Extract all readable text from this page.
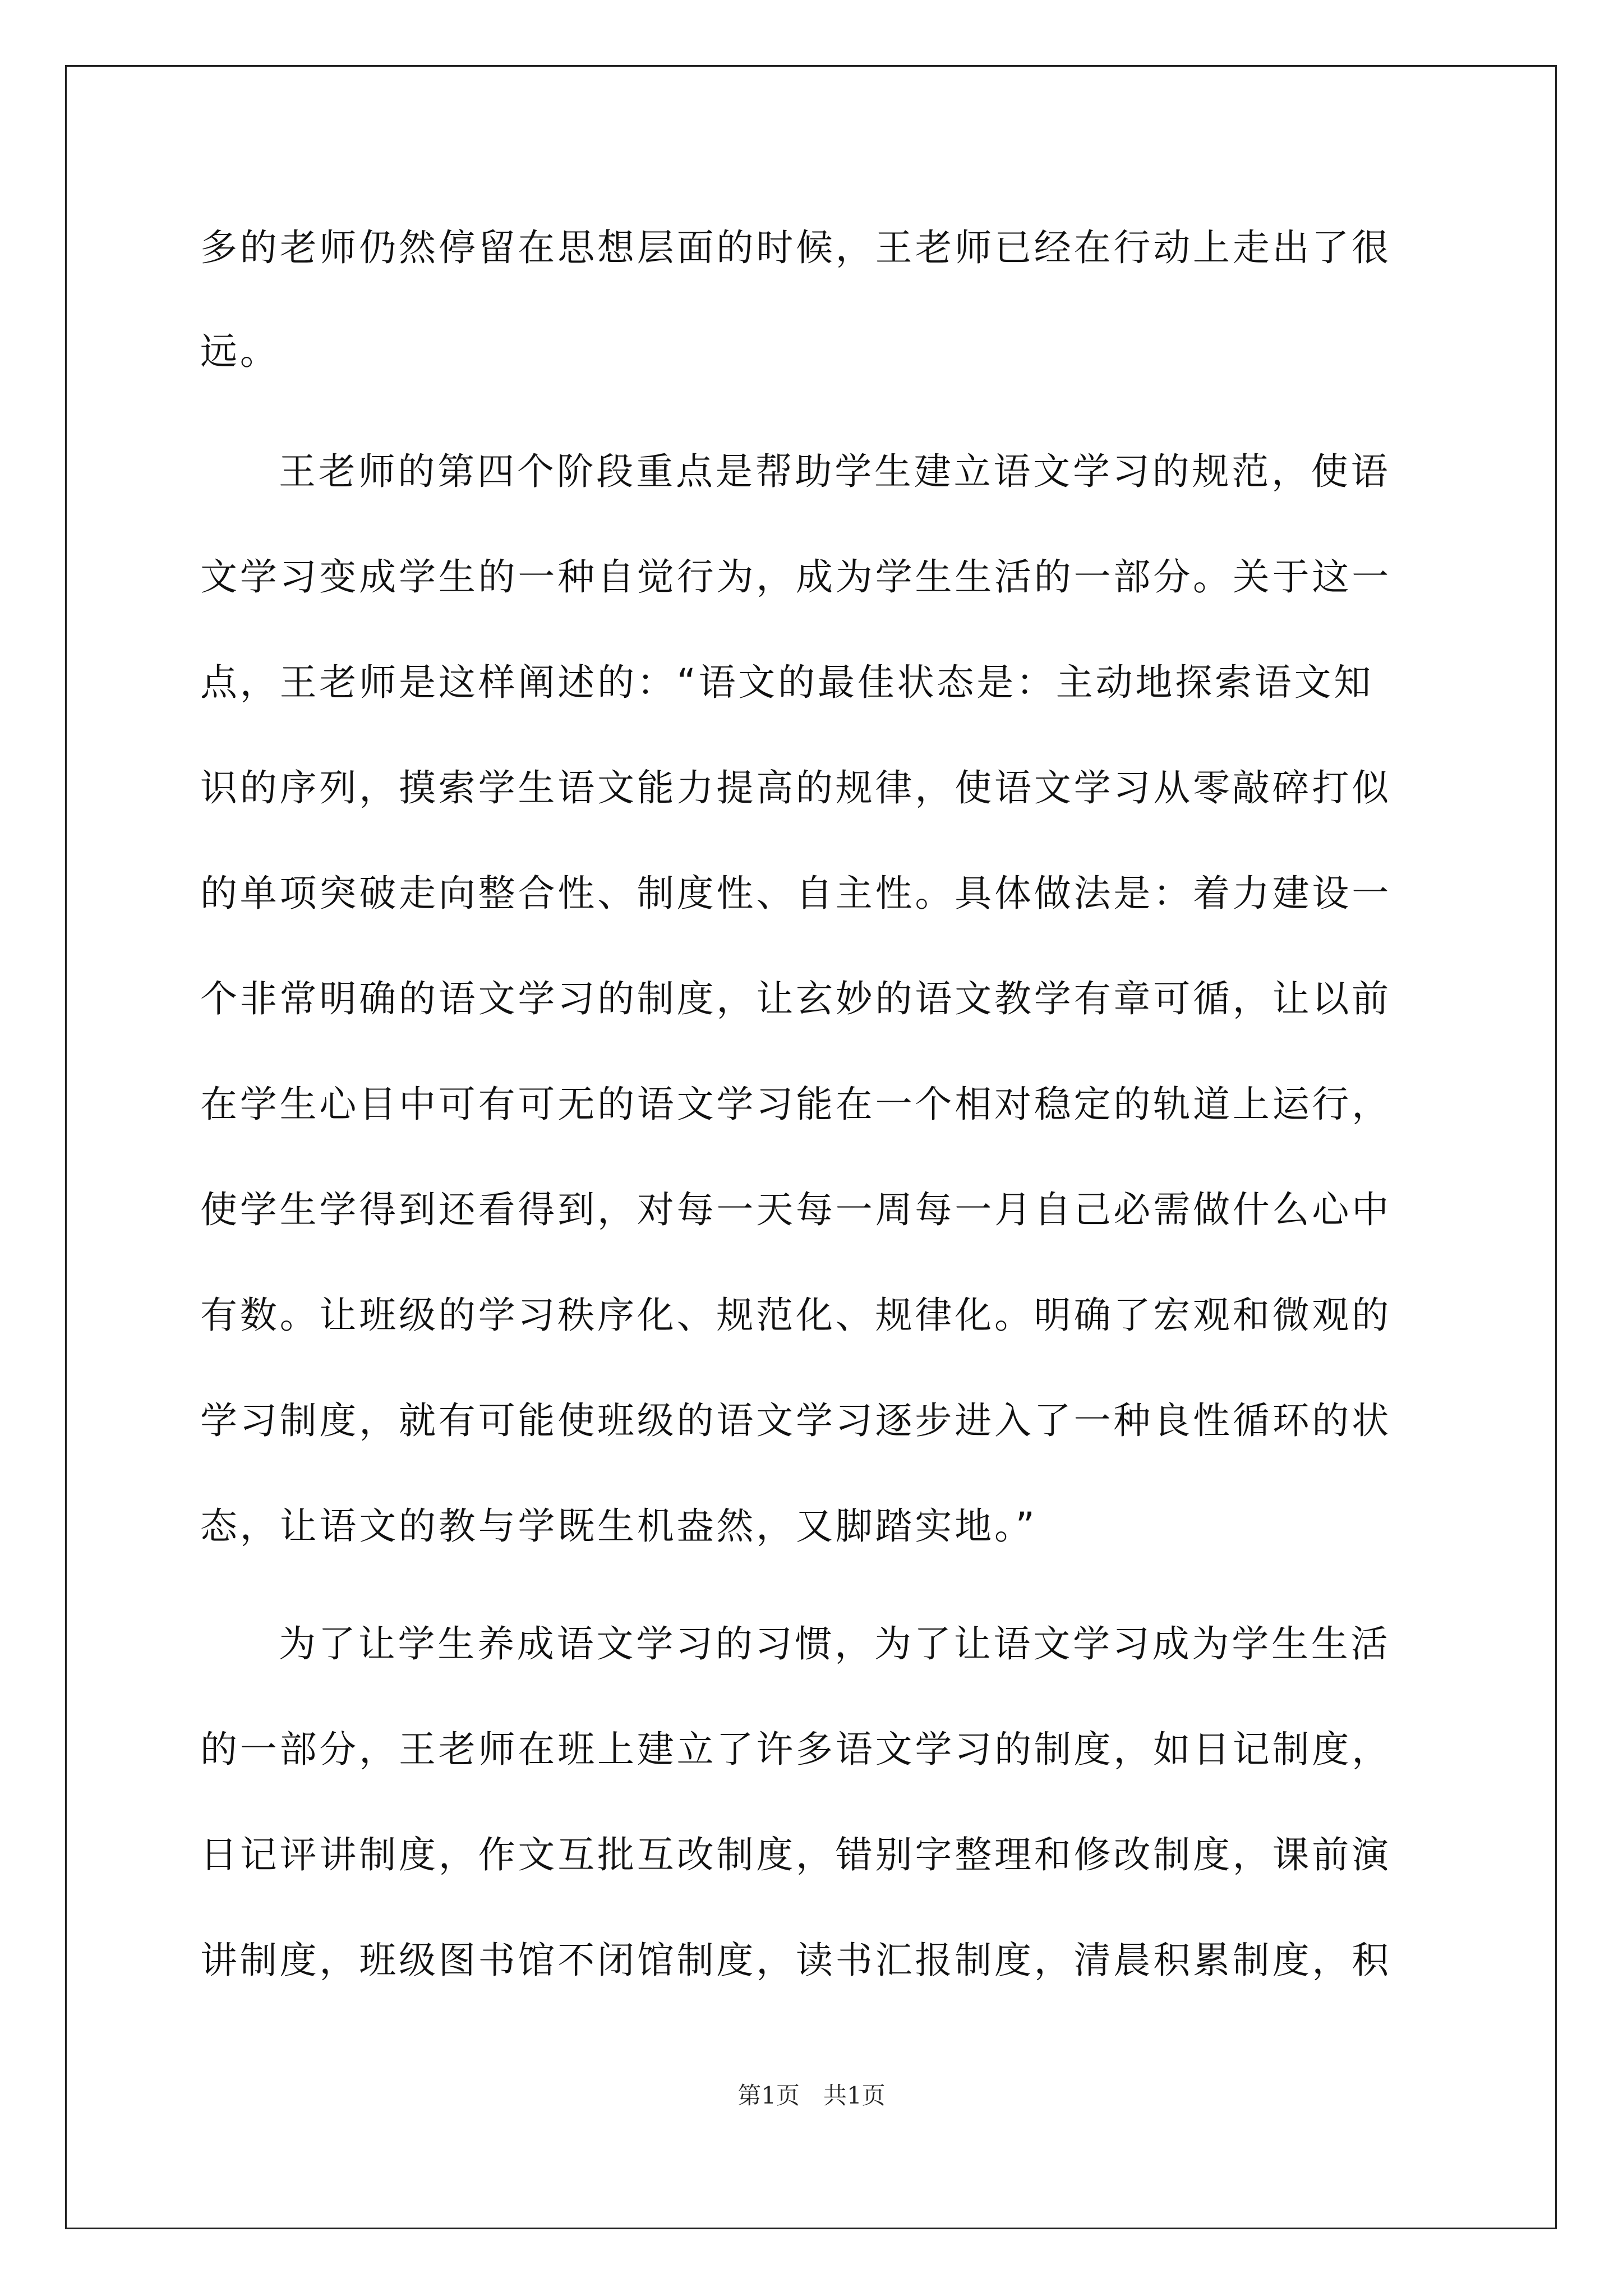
多的老师仍然停留在思想层面的时候，王老师已经在行动上走出了很
远。
王老师的第四个阶段重点是帮助学生建立语文学习的规范，使语
文学习变成学生的一种自觉行为，成为学生生活的一部分。关于这一
点，王老师是这样阐述的：“语文的最佳状态是：主动地探索语文知
识的序列，摸索学生语文能力提高的规律，使语文学习从零敲碎打似
的单项突破走向整合性、制度性、自主性。具体做法是：着力建设一
个非常明确的语文学习的制度，让玄妙的语文教学有章可循，让以前
在学生心目中可有可无的语文学习能在一个相对稳定的轨道上运行，
使学生学得到还看得到，对每一天每一周每一月自己必需做什么心中
有数。让班级的学习秩序化、规范化、规律化。明确了宏观和微观的
学习制度，就有可能使班级的语文学习逐步进入了一种良性循环的状
态，让语文的教与学既生机盎然，又脚踏实地。”
为了让学生养成语文学习的习惯，为了让语文学习成为学生生活
的一部分，王老师在班上建立了许多语文学习的制度，如日记制度，
日记评讲制度，作文互批互改制度，错别字整理和修改制度，课前演
讲制度，班级图书馆不闭馆制度，读书汇报制度，清晨积累制度，积
第1页　共1页
